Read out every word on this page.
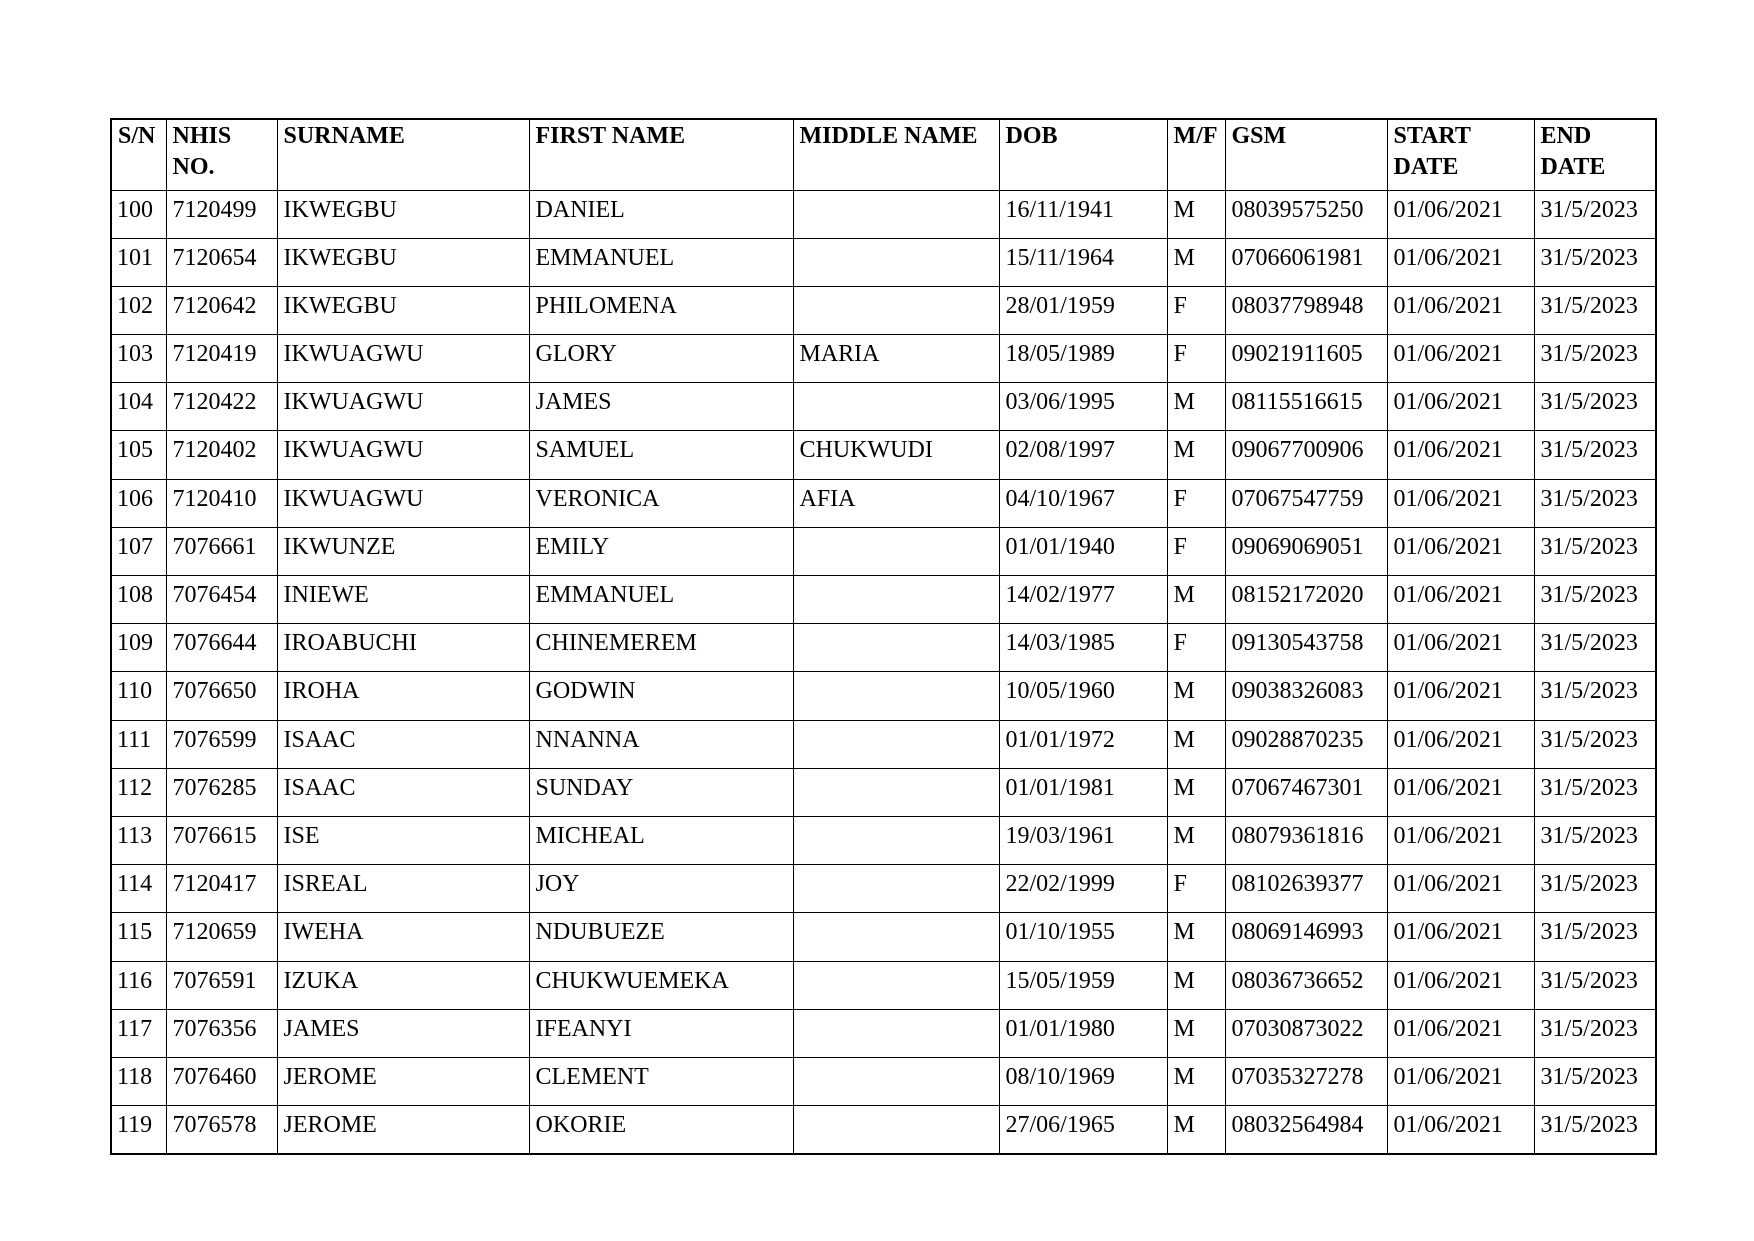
S/N	NHIS NO.	SURNAME	FIRST NAME	MIDDLE NAME	DOB	M/F	GSM	START DATE	END DATE
100	7120499	IKWEGBU	DANIEL		16/11/1941	M	08039575250	01/06/2021	31/5/2023
101	7120654	IKWEGBU	EMMANUEL		15/11/1964	M	07066061981	01/06/2021	31/5/2023
102	7120642	IKWEGBU	PHILOMENA		28/01/1959	F	08037798948	01/06/2021	31/5/2023
103	7120419	IKWUAGWU	GLORY	MARIA	18/05/1989	F	09021911605	01/06/2021	31/5/2023
104	7120422	IKWUAGWU	JAMES		03/06/1995	M	08115516615	01/06/2021	31/5/2023
105	7120402	IKWUAGWU	SAMUEL	CHUKWUDI	02/08/1997	M	09067700906	01/06/2021	31/5/2023
106	7120410	IKWUAGWU	VERONICA	AFIA	04/10/1967	F	07067547759	01/06/2021	31/5/2023
107	7076661	IKWUNZE	EMILY		01/01/1940	F	09069069051	01/06/2021	31/5/2023
108	7076454	INIEWE	EMMANUEL		14/02/1977	M	08152172020	01/06/2021	31/5/2023
109	7076644	IROABUCHI	CHINEMEREM		14/03/1985	F	09130543758	01/06/2021	31/5/2023
110	7076650	IROHA	GODWIN		10/05/1960	M	09038326083	01/06/2021	31/5/2023
111	7076599	ISAAC	NNANNA		01/01/1972	M	09028870235	01/06/2021	31/5/2023
112	7076285	ISAAC	SUNDAY		01/01/1981	M	07067467301	01/06/2021	31/5/2023
113	7076615	ISE	MICHEAL		19/03/1961	M	08079361816	01/06/2021	31/5/2023
114	7120417	ISREAL	JOY		22/02/1999	F	08102639377	01/06/2021	31/5/2023
115	7120659	IWEHA	NDUBUEZE		01/10/1955	M	08069146993	01/06/2021	31/5/2023
116	7076591	IZUKA	CHUKWUEMEKA		15/05/1959	M	08036736652	01/06/2021	31/5/2023
117	7076356	JAMES	IFEANYI		01/01/1980	M	07030873022	01/06/2021	31/5/2023
118	7076460	JEROME	CLEMENT		08/10/1969	M	07035327278	01/06/2021	31/5/2023
119	7076578	JEROME	OKORIE		27/06/1965	M	08032564984	01/06/2021	31/5/2023
